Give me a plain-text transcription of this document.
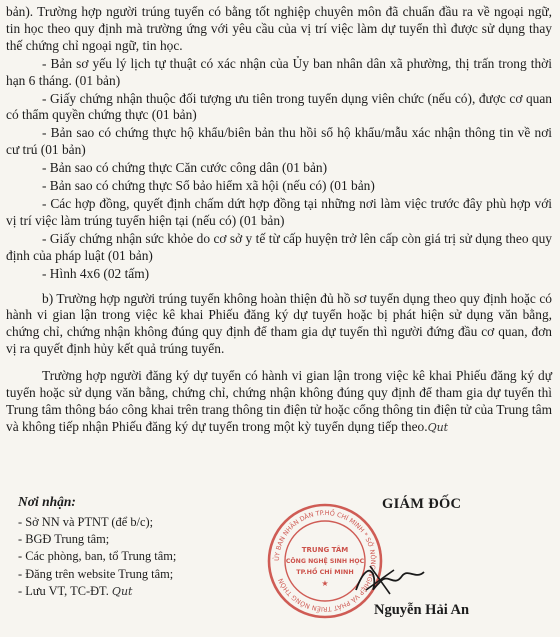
bản). Trường hợp người trúng tuyển có bằng tốt nghiệp chuyên môn đã chuẩn đầu ra về ngoại ngữ, tin học theo quy định mà trường ứng với yêu cầu của vị trí việc làm dự tuyển thì được sử dụng thay thế chứng chỉ ngoại ngữ, tin học.

- Bản sơ yếu lý lịch tự thuật có xác nhận của Ủy ban nhân dân xã phường, thị trấn trong thời hạn 6 tháng. (01 bản)

- Giấy chứng nhận thuộc đối tượng ưu tiên trong tuyển dụng viên chức (nếu có), được cơ quan có thẩm quyền chứng thực (01 bản)

- Bản sao có chứng thực hộ khẩu/biên bản thu hồi sổ hộ khẩu/mẫu xác nhận thông tin về nơi cư trú (01 bản)

- Bản sao có chứng thực Căn cước công dân (01 bản)

- Bản sao có chứng thực Sổ bảo hiểm xã hội (nếu có) (01 bản)

- Các hợp đồng, quyết định chấm dứt hợp đồng tại những nơi làm việc trước đây phù hợp với vị trí việc làm trúng tuyển hiện tại (nếu có) (01 bản)

- Giấy chứng nhận sức khỏe do cơ sở y tế từ cấp huyện trở lên cấp còn giá trị sử dụng theo quy định của pháp luật (01 bản)

- Hình 4x6 (02 tấm)

b) Trường hợp người trúng tuyển không hoàn thiện đủ hồ sơ tuyển dụng theo quy định hoặc có hành vi gian lận trong việc kê khai Phiếu đăng ký dự tuyển hoặc bị phát hiện sử dụng văn bằng, chứng chỉ, chứng nhận không đúng quy định để tham gia dự tuyển thì người đứng đầu cơ quan, đơn vị ra quyết định hủy kết quả trúng tuyển.

Trường hợp người đăng ký dự tuyển có hành vi gian lận trong việc kê khai Phiếu đăng ký dự tuyển hoặc sử dụng văn bằng, chứng chỉ, chứng nhận không đúng quy định để tham gia dự tuyển thì Trung tâm thông báo công khai trên trang thông tin điện tử hoặc cổng thông tin điện tử của Trung tâm và không tiếp nhận Phiếu đăng ký dự tuyển trong một kỳ tuyển dụng tiếp theo.Qut

Nơi nhận:
- Sở NN và PTNT (để b/c);
- BGĐ Trung tâm;
- Các phòng, ban, tổ Trung tâm;
- Đăng trên website Trung tâm;
- Lưu VT, TC-ĐT. Qut
GIÁM ĐỐC
ỦY BAN NHÂN DÂN TP.HỒ CHÍ MINH * SỞ NÔNG NGHIỆP VÀ PHÁT TRIỂN NÔNG THÔN
TRUNG TÂM
CÔNG NGHỆ SINH HỌC
TP.HỒ CHÍ MINH
★
Nguyễn Hải An
